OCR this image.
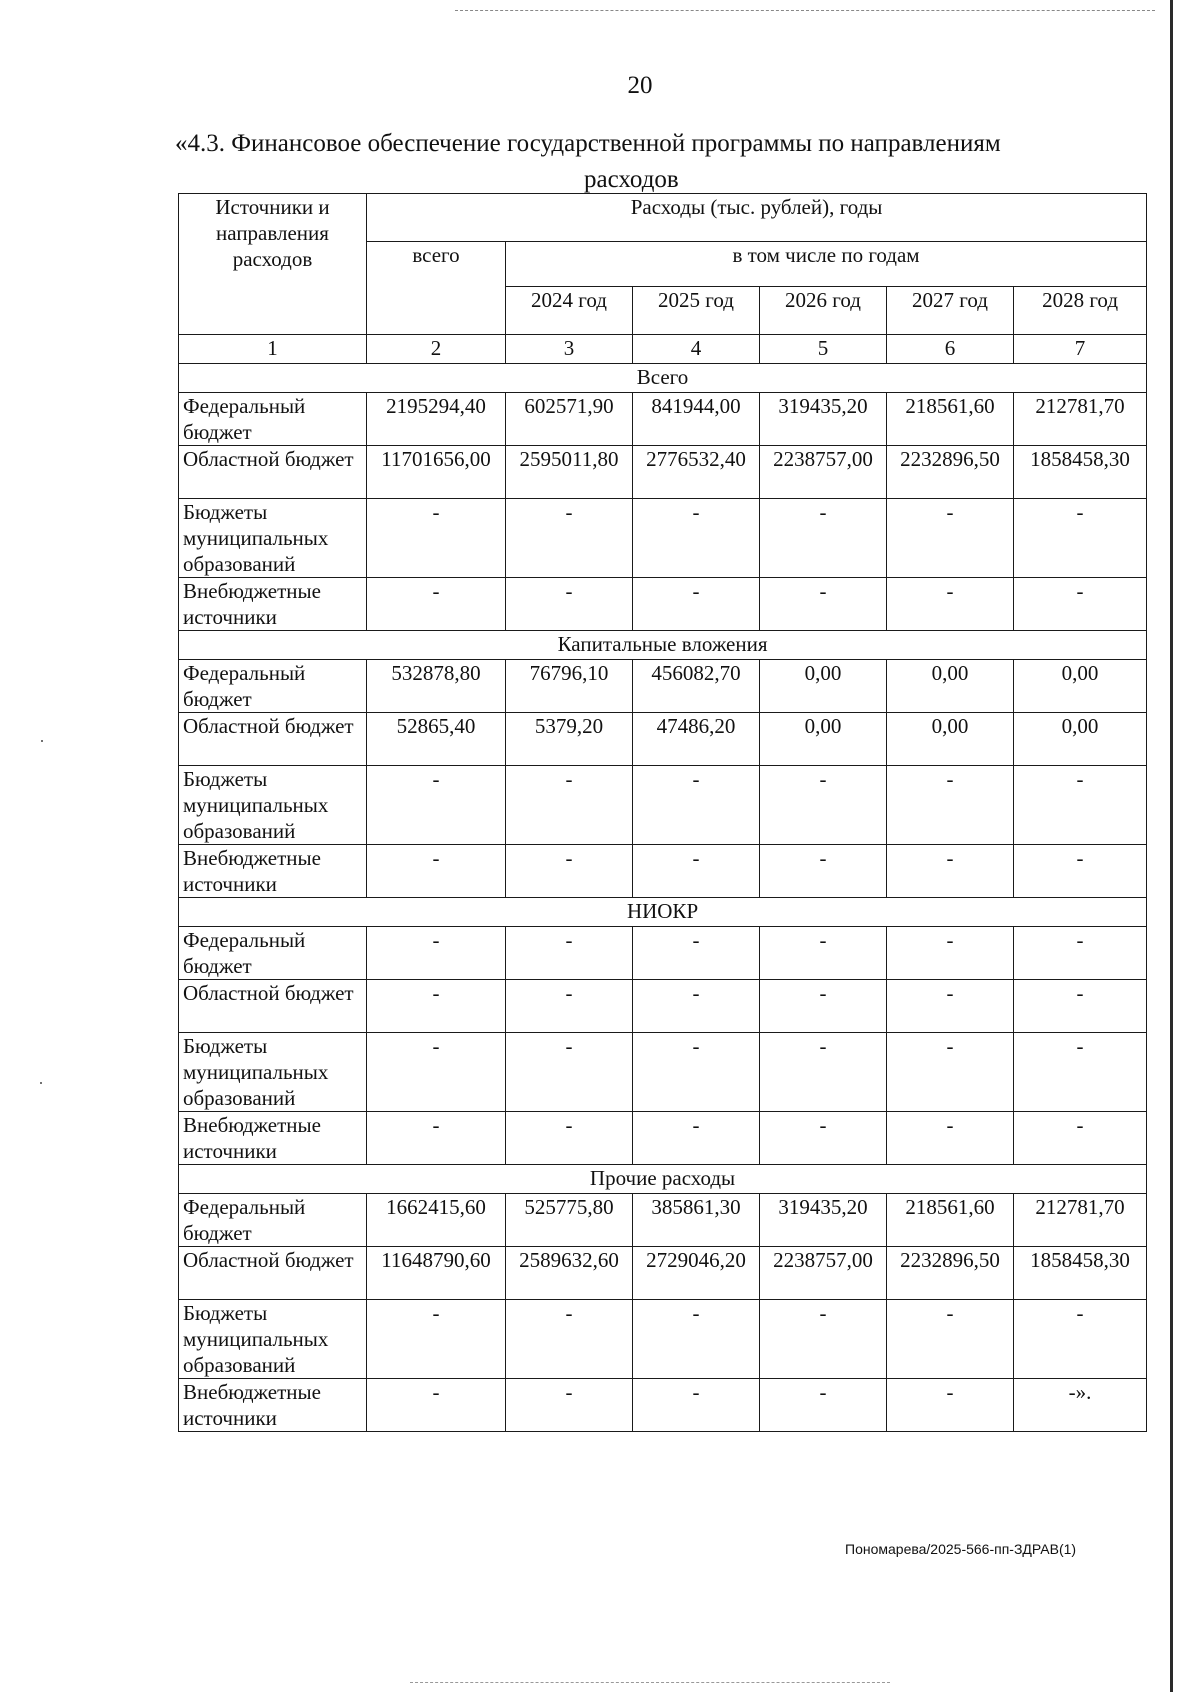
20
«4.3. Финансовое обеспечение государственной программы по направлениям
расходов
Источники и направления расходов	Расходы (тыс. рублей), годы					
	всего	в том числе по годам				
		2024 год	2025 год	2026 год	2027 год	2028 год
1	2	3	4	5	6	7
Всего						
Федеральный бюджет	2195294,40	602571,90	841944,00	319435,20	218561,60	212781,70
Областной бюджет	11701656,00	2595011,80	2776532,40	2238757,00	2232896,50	1858458,30
Бюджеты муниципальных образований	-	-	-	-	-	-
Внебюджетные источники	-	-	-	-	-	-
Капитальные вложения						
Федеральный бюджет	532878,80	76796,10	456082,70	0,00	0,00	0,00
Областной бюджет	52865,40	5379,20	47486,20	0,00	0,00	0,00
Бюджеты муниципальных образований	-	-	-	-	-	-
Внебюджетные источники	-	-	-	-	-	-
НИОКР						
Федеральный бюджет	-	-	-	-	-	-
Областной бюджет	-	-	-	-	-	-
Бюджеты муниципальных образований	-	-	-	-	-	-
Внебюджетные источники	-	-	-	-	-	-
Прочие расходы						
Федеральный бюджет	1662415,60	525775,80	385861,30	319435,20	218561,60	212781,70
Областной бюджет	11648790,60	2589632,60	2729046,20	2238757,00	2232896,50	1858458,30
Бюджеты муниципальных образований	-	-	-	-	-	-
Внебюджетные источники	-	-	-	-	-	-».
Пономарева/2025-566-пп-ЗДРАВ(1)
